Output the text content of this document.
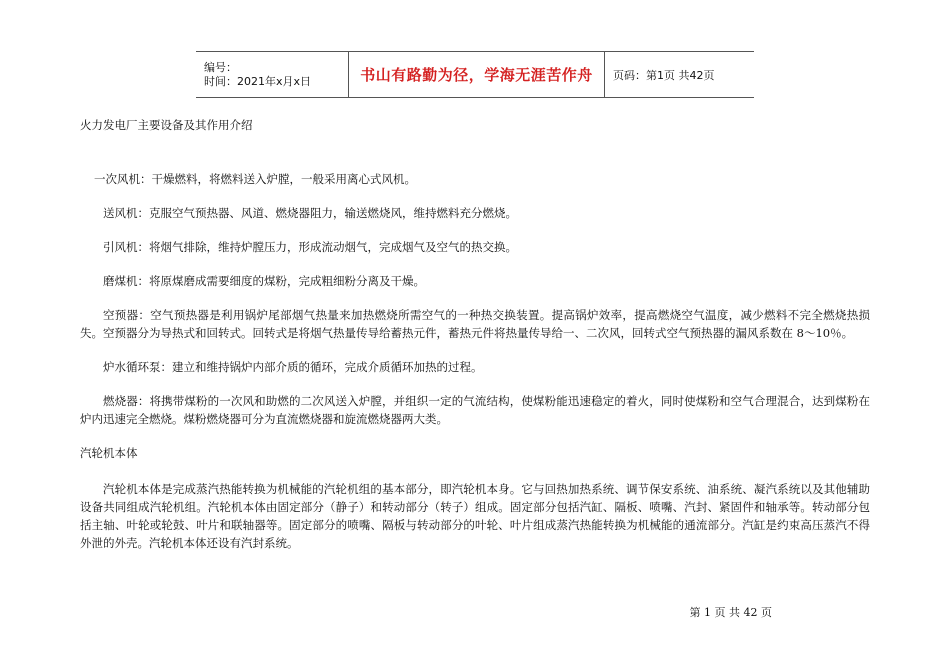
编号：
时间：2021年x月x日	书山有路勤为径，学海无涯苦作舟	页码：第1页 共42页

火力发电厂主要设备及其作用介绍

一次风机：干燥燃料，将燃料送入炉膛，一般采用离心式风机。

送风机：克服空气预热器、风道、燃烧器阻力，输送燃烧风，维持燃料充分燃烧。

引风机：将烟气排除，维持炉膛压力，形成流动烟气，完成烟气及空气的热交换。

磨煤机：将原煤磨成需要细度的煤粉，完成粗细粉分离及干燥。

空预器：空气预热器是利用锅炉尾部烟气热量来加热燃烧所需空气的一种热交换装置。提高锅炉效率，提高燃烧空气温度，减少燃料不完全燃烧热损失。空预器分为导热式和回转式。回转式是将烟气热量传导给蓄热元件，蓄热元件将热量传导给一、二次风，回转式空气预热器的漏风系数在 8～10％。

炉水循环泵：建立和维持锅炉内部介质的循环，完成介质循环加热的过程。

燃烧器：将携带煤粉的一次风和助燃的二次风送入炉膛，并组织一定的气流结构，使煤粉能迅速稳定的着火，同时使煤粉和空气合理混合，达到煤粉在炉内迅速完全燃烧。煤粉燃烧器可分为直流燃烧器和旋流燃烧器两大类。

汽轮机本体

汽轮机本体是完成蒸汽热能转换为机械能的汽轮机组的基本部分，即汽轮机本身。它与回热加热系统、调节保安系统、油系统、凝汽系统以及其他辅助设备共同组成汽轮机组。汽轮机本体由固定部分（静子）和转动部分（转子）组成。固定部分包括汽缸、隔板、喷嘴、汽封、紧固件和轴承等。转动部分包括主轴、叶轮或轮鼓、叶片和联轴器等。固定部分的喷嘴、隔板与转动部分的叶轮、叶片组成蒸汽热能转换为机械能的通流部分。汽缸是约束高压蒸汽不得外泄的外壳。汽轮机本体还设有汽封系统。

第 1 页 共 42 页
